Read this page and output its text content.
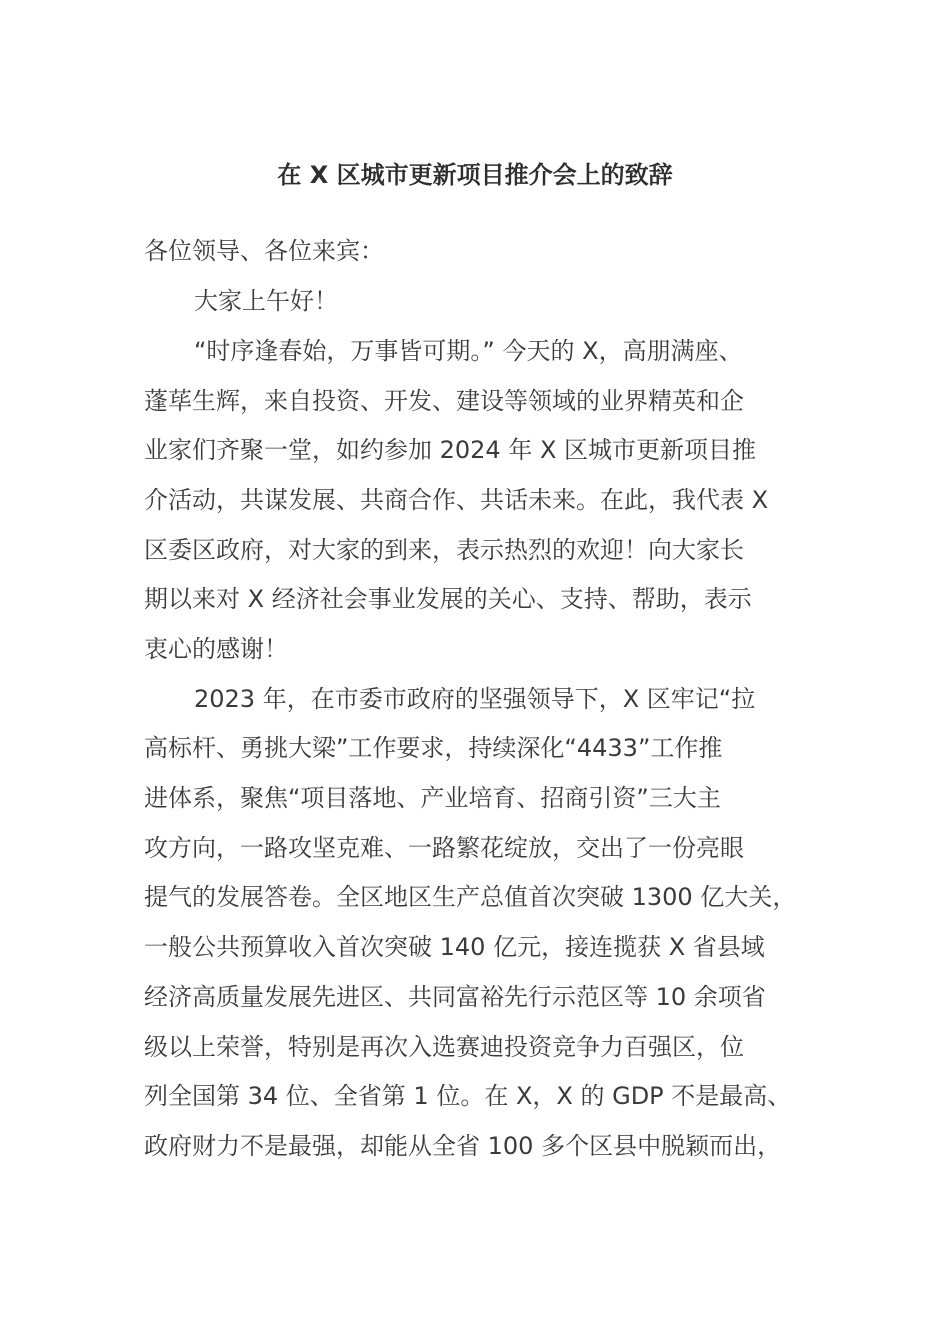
在 X 区城市更新项目推介会上的致辞

各位领导、各位来宾：

大家上午好！

“时序逢春始，万事皆可期。” 今天的 X，高朋满座、

蓬荜生辉，来自投资、开发、建设等领域的业界精英和企

业家们齐聚一堂，如约参加 2024 年 X 区城市更新项目推

介活动，共谋发展、共商合作、共话未来。在此，我代表 X

区委区政府，对大家的到来，表示热烈的欢迎！向大家长

期以来对 X 经济社会事业发展的关心、支持、帮助，表示

衷心的感谢！

2023 年，在市委市政府的坚强领导下，X 区牢记“拉

高标杆、勇挑大梁”工作要求，持续深化“4433”工作推

进体系，聚焦“项目落地、产业培育、招商引资”三大主

攻方向，一路攻坚克难、一路繁花绽放，交出了一份亮眼

提气的发展答卷。全区地区生产总值首次突破 1300 亿大关，

一般公共预算收入首次突破 140 亿元，接连揽获 X 省县域

经济高质量发展先进区、共同富裕先行示范区等 10 余项省

级以上荣誉，特别是再次入选赛迪投资竞争力百强区，位

列全国第 34 位、全省第 1 位。在 X，X 的 GDP 不是最高、

政府财力不是最强，却能从全省 100 多个区县中脱颖而出，
